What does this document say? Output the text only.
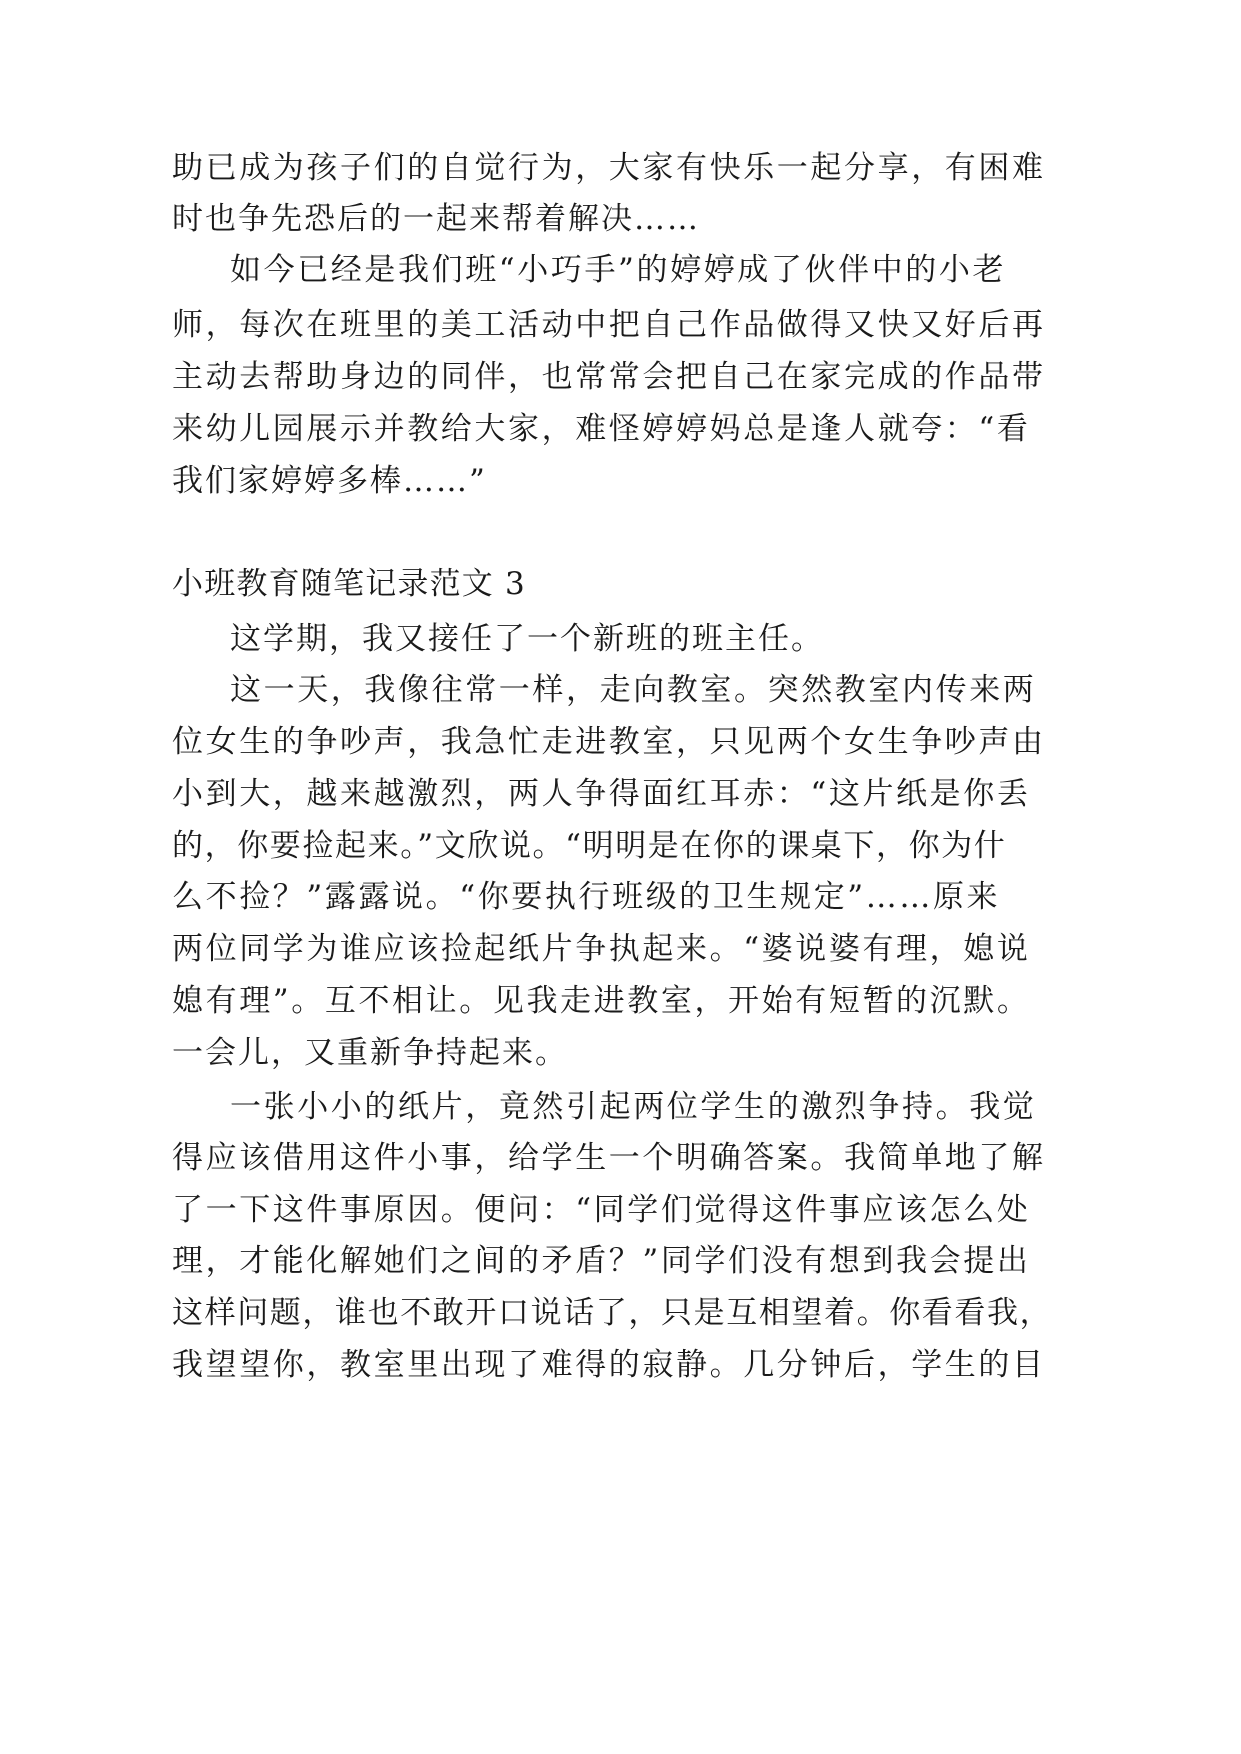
助已成为孩子们的自觉行为，大家有快乐一起分享，有困难
时也争先恐后的一起来帮着解决……
如今已经是我们班“小巧手”的婷婷成了伙伴中的小老
师，每次在班里的美工活动中把自己作品做得又快又好后再
主动去帮助身边的同伴，也常常会把自己在家完成的作品带
来幼儿园展示并教给大家，难怪婷婷妈总是逢人就夸：“看
我们家婷婷多棒……”
小班教育随笔记录范文 3
这学期，我又接任了一个新班的班主任。
这一天，我像往常一样，走向教室。突然教室内传来两
位女生的争吵声，我急忙走进教室，只见两个女生争吵声由
小到大，越来越激烈，两人争得面红耳赤：“这片纸是你丢
的，你要捡起来。”文欣说。“明明是在你的课桌下，你为什
么不捡？”露露说。“你要执行班级的卫生规定”……原来
两位同学为谁应该捡起纸片争执起来。“婆说婆有理，媳说
媳有理”。互不相让。见我走进教室，开始有短暂的沉默。
一会儿，又重新争持起来。
一张小小的纸片，竟然引起两位学生的激烈争持。我觉
得应该借用这件小事，给学生一个明确答案。我简单地了解
了一下这件事原因。便问：“同学们觉得这件事应该怎么处
理，才能化解她们之间的矛盾？”同学们没有想到我会提出
这样问题，谁也不敢开口说话了，只是互相望着。你看看我，
我望望你，教室里出现了难得的寂静。几分钟后，学生的目
